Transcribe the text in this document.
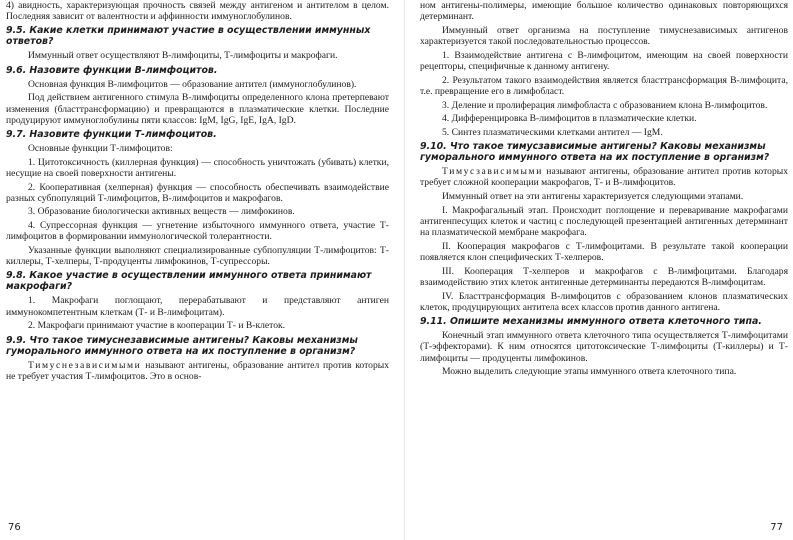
4) авидность, характеризующая прочность связей между антигеном и антителом в целом. Последняя зависит от валентности и аффинности иммуноглобулинов.

9.5. Какие клетки принимают участие в осуществлении иммунных ответов?

Иммунный ответ осуществляют В-лимфоциты, Т-лимфоциты и макрофаги.

9.6. Назовите функции В-лимфоцитов.

Основная функция В-лимфоцитов — образование антител (иммуноглобулинов).

Под действием антигенного стимула В-лимфоциты определенного клона претерпевают изменения (бласттрансформацию) и превращаются в плазматические клетки. Последние продуцируют иммуноглобулины пяти классов: IgM, IgG, IgE, IgA, IgD.

9.7. Назовите функции Т-лимфоцитов.

Основные функции Т-лимфоцитов:

1. Цитотоксичность (киллерная функция) — способность уничтожать (убивать) клетки, несущие на своей поверхности антигены.

2. Кооперативная (хелперная) функция — способность обеспечивать взаимодействие разных субпопуляций Т-лимфоцитов, В-лимфоцитов и макрофагов.

3. Образование биологически активных веществ — лимфокинов.

4. Супрессорная функция — угнетение избыточного иммунного ответа, участие Т-лимфоцитов в формировании иммунологической толерантности.

Указанные функции выполняют специализированные субпопуляции Т-лимфоцитов: Т-киллеры, Т-хелперы, Т-продуценты лимфокинов, Т-супрессоры.

9.8. Какое участие в осуществлении иммунного ответа принимают макрофаги?

1. Макрофаги поглощают, перерабатывают и представляют антиген иммунокомпетентным клеткам (Т- и В-лимфоцитам).

2. Макрофаги принимают участие в кооперации Т- и В-клеток.

9.9. Что такое тимуснезависимые антигены? Каковы механизмы гуморального иммунного ответа на их поступление в организм?

Тимуснезависимыми называют антигены, образование антител против которых не требует участия Т-лимфоцитов. Это в основ-

ном антигены-полимеры, имеющие большое количество одинаковых повторяющихся детерминант.

Иммунный ответ организма на поступление тимуснезависимых антигенов характеризуется такой последовательностью процессов.

1. Взаимодействие антигена с В-лимфоцитом, имеющим на своей поверхности рецепторы, специфичные к данному антигену.

2. Результатом такого взаимодействия является бласттрансформация В-лимфоцита, т.е. превращение его в лимфобласт.

3. Деление и пролиферация лимфобласта с образованием клона В-лимфоцитов.

4. Дифференцировка В-лимфоцитов в плазматические клетки.

5. Синтез плазматическими клетками антител — IgM.

9.10. Что такое тимусзависимые антигены? Каковы механизмы гуморального иммунного ответа на их поступление в организм?

Тимусзависимыми называют антигены, образование антител против которых требует сложной кооперации макрофагов, Т- и В-лимфоцитов.

Иммунный ответ на эти антигены характеризуется следующими этапами.

I. Макрофагальный этап. Происходит поглощение и переваривание макрофагами антигенпесущих клеток и частиц с последующей презентацией антигенных детерминант на плазматической мембране макрофага.

II. Кооперация макрофагов с Т-лимфоцитами. В результате такой кооперации появляется клон специфических Т-хелперов.

III. Кооперация Т-хелперов и макрофагов с В-лимфоцитами. Благодаря взаимодействию этих клеток антигенные детерминанты передаются В-лимфоцитам.

IV. Бласттрансформация В-лимфоцитов с образованием клонов плазматических клеток, продуцирующих антитела всех классов против данного антигена.

9.11. Опишите механизмы иммунного ответа клеточного типа.

Конечный этап иммунного ответа клеточного типа осуществляется Т-лимфоцитами (Т-эффекторами). К ним относятся цитотоксические Т-лимфоциты (Т-киллеры) и Т-лимфоциты — продуценты лимфокинов.

Можно выделить следующие этапы иммунного ответа клеточного типа.

76	77
